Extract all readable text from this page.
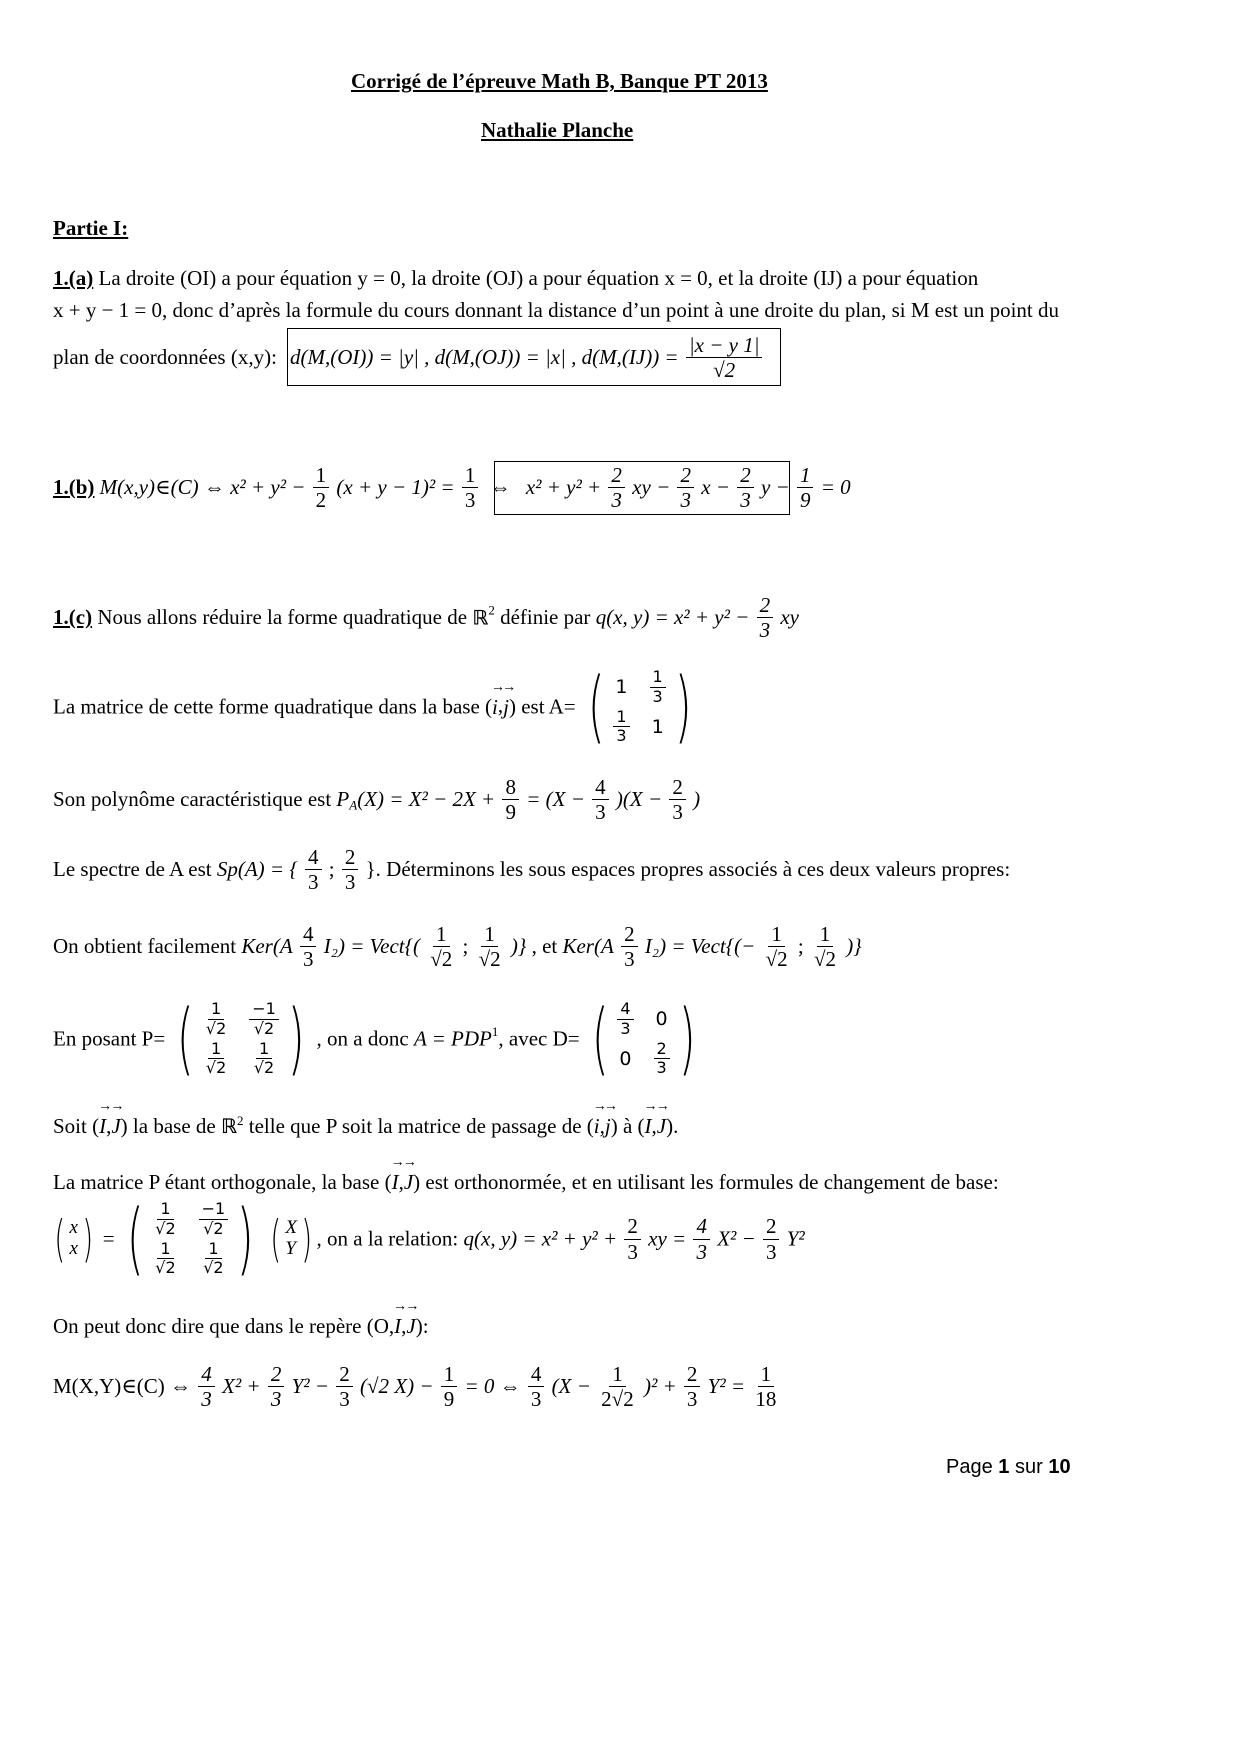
Corrigé de l’épreuve Math B, Banque PT 2013
Nathalie Planche
Partie I:
1.(a) La droite (OI) a pour équation y = 0, la droite (OJ) a pour équation x = 0, et la droite (IJ) a pour équation
x + y − 1 = 0, donc d’après la formule du cours donnant la distance d’un point à une droite du plan, si M est un point du
plan de coordonnées (x,y): d(M,(OI)) = |y| , d(M,(OJ)) = |x| , $d(M,(IJ)) = \frac{|x - y 1|}{√2}$
1.(b) M(x,y)∈(C) ⇔ $x^2 + y^2 - \frac{1}{2} (x + y - 1)^2 = \frac{1}{3}$ ⇔ $x^2 + y^2 + \frac{2}{3}$ xy − $\frac{2}{3}$ $x - \frac{2}{3}$ $y - \frac{1}{9} = 0$
1.(c) Nous allons réduire la forme quadratique de ℝ$^2$ définie par q(x, $y) = x^2 + y^2 - \frac{2}{3}$ xy
La matrice de cette forme quadratique dans la base (→ i,→ j) est A= ( $1 \frac{1}{3}$
$\frac{1}{3} 1$ )
Son polynôme caractéristique est $P_A(X) = X^2 - 2X + \frac{8}{9} = (X - \frac{4}{3} )(X - \frac{2}{3}$ )
Le spectre de A est Sp(A) = { $\frac{4}{3}$ ; $\frac{2}{3}$ }. Déterminons les sous espaces propres associés à ces deux valeurs propres:
On obtient facilement $Ker(A \frac{4}{3} I_2)$ = Vect{( $\frac{1}{√2}$ ; $\frac{1}{√2}$ )} , et $Ker(A \frac{2}{3} I_2)$ = Vect{(− $\frac{1}{√2}$ ; $\frac{1}{√2}$ )}
En posant P= ( $\frac{1}{√2} \frac{-1}{√2}$
$\frac{1}{√2} \frac{1}{√2}$ ) , on a donc $A = PDP^1$, avec D= ( $\frac{4}{3} 0$
$0 \frac{2}{3}$ )
Soit (→ I,→ J) la base de ℝ$^2$ telle que P soit la matrice de passage de (→ i,→ j) à (→ I,→ J).
La matrice P étant orthogonale, la base (→ I,→ J) est orthonormée, et en utilisant les formules de changement de base:
( x
x ) = ( $\frac{1}{√2} \frac{-1}{√2}$
$\frac{1}{√2} \frac{1}{√2}$ )
( X
Y ) , on a la relation: q(x, $y) = x^2 + y^2 + \frac{2}{3}$ xy = $\frac{4}{3} X^2 - \frac{2}{3} Y^2$
On peut donc dire que dans le repère (O,→ I,→ J):
M(X,Y)∈(C) ⇔ $\frac{4}{3} X^2 + \frac{2}{3} Y^2 - \frac{2}{3} (√2$ $X) - \frac{1}{9} = 0$ ⇔ $\frac{4}{3} (X - \frac{1}{2√2} )^2 + \frac{2}{3} Y^2 = \frac{1}{18}$
Page 1 sur 10
